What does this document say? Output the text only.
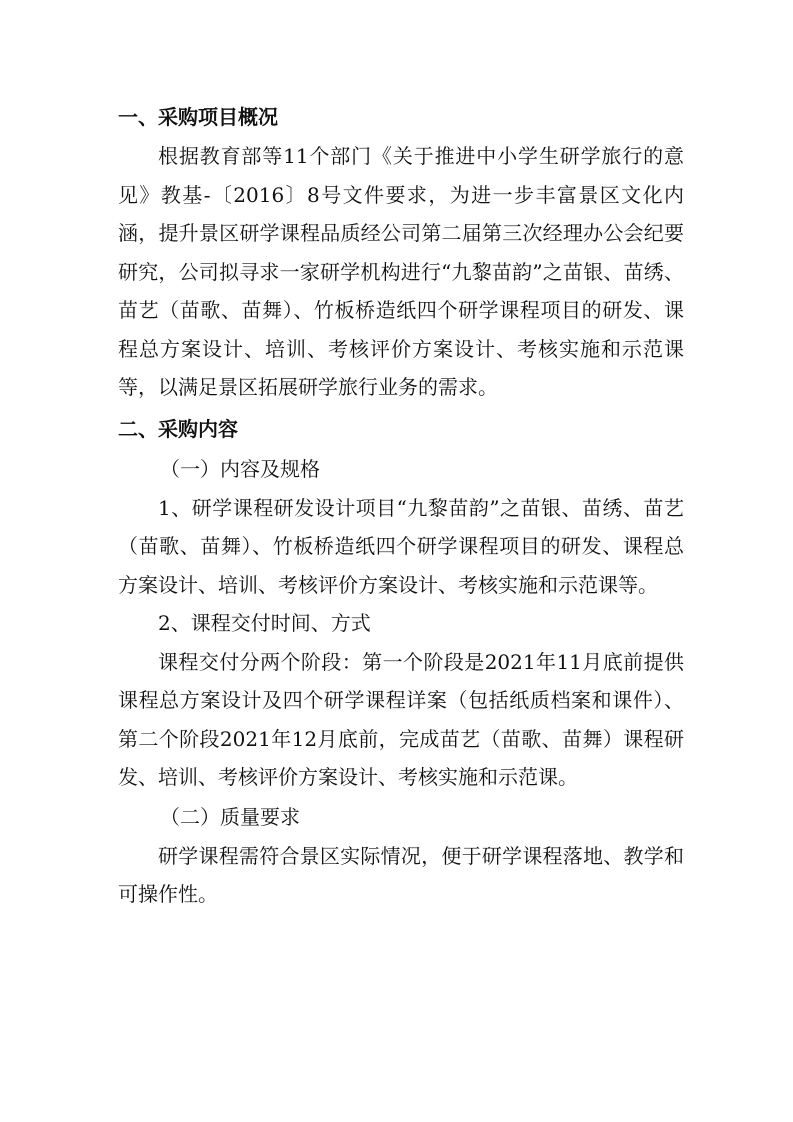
一、采购项目概况

根据教育部等11个部门《关于推进中小学生研学旅行的意见》教基-〔2016〕8号文件要求，为进一步丰富景区文化内涵，提升景区研学课程品质经公司第二届第三次经理办公会纪要研究，公司拟寻求一家研学机构进行“九黎苗韵”之苗银、苗绣、苗艺（苗歌、苗舞）、竹板桥造纸四个研学课程项目的研发、课程总方案设计、培训、考核评价方案设计、考核实施和示范课等，以满足景区拓展研学旅行业务的需求。

二、采购内容

（一）内容及规格

1、研学课程研发设计项目“九黎苗韵”之苗银、苗绣、苗艺（苗歌、苗舞）、竹板桥造纸四个研学课程项目的研发、课程总方案设计、培训、考核评价方案设计、考核实施和示范课等。

2、课程交付时间、方式

课程交付分两个阶段：第一个阶段是2021年11月底前提供课程总方案设计及四个研学课程详案（包括纸质档案和课件）、第二个阶段2021年12月底前，完成苗艺（苗歌、苗舞）课程研发、培训、考核评价方案设计、考核实施和示范课。

（二）质量要求

研学课程需符合景区实际情况，便于研学课程落地、教学和可操作性。
